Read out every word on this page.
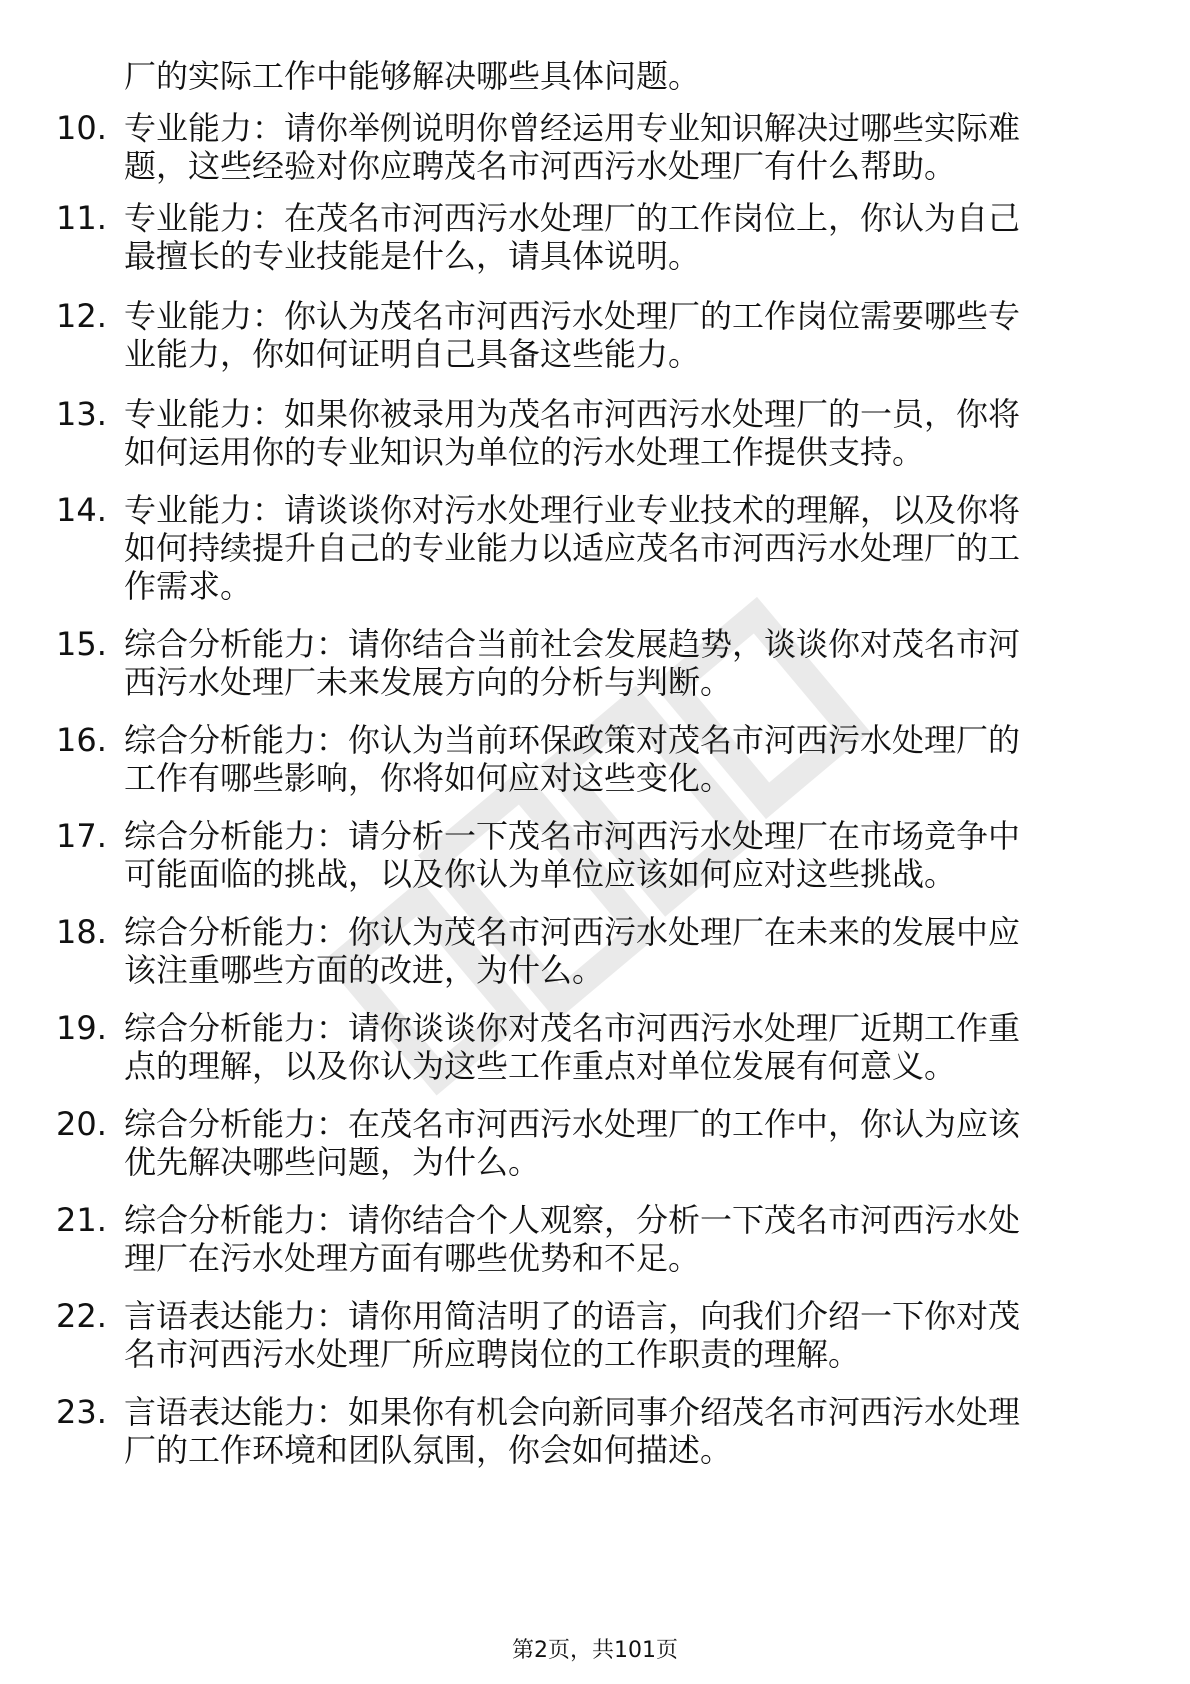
厂的实际工作中能够解决哪些具体问题。
10. 专业能力：请你举例说明你曾经运用专业知识解决过哪些实际难
题，这些经验对你应聘茂名市河西污水处理厂有什么帮助。
11. 专业能力：在茂名市河西污水处理厂的工作岗位上，你认为自己
最擅长的专业技能是什么，请具体说明。
12. 专业能力：你认为茂名市河西污水处理厂的工作岗位需要哪些专
业能力，你如何证明自己具备这些能力。
13. 专业能力：如果你被录用为茂名市河西污水处理厂的一员，你将
如何运用你的专业知识为单位的污水处理工作提供支持。
14. 专业能力：请谈谈你对污水处理行业专业技术的理解，以及你将
如何持续提升自己的专业能力以适应茂名市河西污水处理厂的工
作需求。
15. 综合分析能力：请你结合当前社会发展趋势，谈谈你对茂名市河
西污水处理厂未来发展方向的分析与判断。
16. 综合分析能力：你认为当前环保政策对茂名市河西污水处理厂的
工作有哪些影响，你将如何应对这些变化。
17. 综合分析能力：请分析一下茂名市河西污水处理厂在市场竞争中
可能面临的挑战，以及你认为单位应该如何应对这些挑战。
18. 综合分析能力：你认为茂名市河西污水处理厂在未来的发展中应
该注重哪些方面的改进，为什么。
19. 综合分析能力：请你谈谈你对茂名市河西污水处理厂近期工作重
点的理解，以及你认为这些工作重点对单位发展有何意义。
20. 综合分析能力：在茂名市河西污水处理厂的工作中，你认为应该
优先解决哪些问题，为什么。
21. 综合分析能力：请你结合个人观察，分析一下茂名市河西污水处
理厂在污水处理方面有哪些优势和不足。
22. 言语表达能力：请你用简洁明了的语言，向我们介绍一下你对茂
名市河西污水处理厂所应聘岗位的工作职责的理解。
23. 言语表达能力：如果你有机会向新同事介绍茂名市河西污水处理
厂的工作环境和团队氛围，你会如何描述。
第2页，共101页
